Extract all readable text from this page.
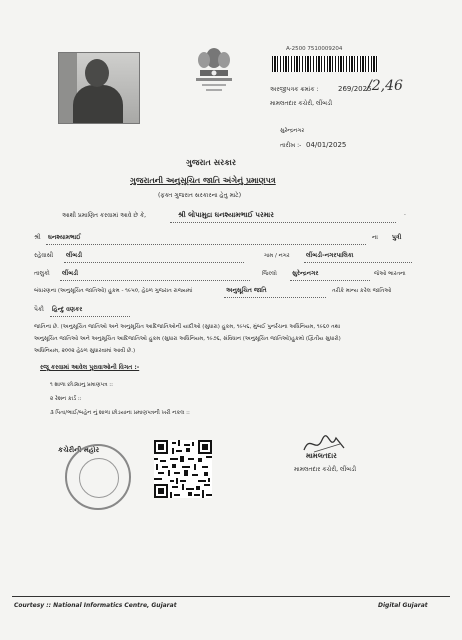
A-2500 7510009204
અરજીપત્રક ક્રમાંક :	269/2025
/2,46
મામલતદાર કચેરી, લીંબડી
સુરેન્દ્રનગર
તારીખ :- 04/01/2025
ગુજરાત સરકાર
ગુજરાતની અનુસૂચિત જાતિ અંગેનું પ્રમાણપત્ર
(ફક્ત ગુજરાત સરકારના હેતુ માટે)
આથી પ્રમાણિત કરવામાં આવે છે કે,	શ્રી લોપામુદ્રા ઘનશ્યામભાઈ પરમાર	.
શ્રી ઘનશ્યામભાઈ	ના પુત્રી
રહેવાસી લીંબડી	ગામ / નગર	લીંબડી-નગરપાલિકા
તાલુકો લીંબડી	જિલ્લો	સુરેન્દ્રનગર	જેઓ ભારતના
બંધારણના (અનુસૂચિત જાતિઓ) હુકમ - ૧૯૫૦, હેઠળ ગુજરાત રાજ્યમાં	અનુસૂચિત જાતિ	તરીકે માન્ય કરેલ જાતિઓ
પૈકી હિન્દુ વણકર
જાતિના છે. (અનુસૂચિત જાતિઓ અને અનુસૂચિત આદિજાતિઓની યાદીઓ (સુધારા) હુકમ, ૧૯૫૬, મુંબઈ પુનર્રચના અધિનિયમ, ૧૯૬૦ તથા
અનુસૂચિત જાતિઓ અને અનુસૂચિત આદિજાતિઓ હુકમ (સુધારા અધિનિયમ, ૧૯૭૬, સંવિધાન (અનુસૂચિત જાતિઓ)હુકમો (દ્વિતીય સુધારો)
અધિનિયમ, ૨૦૦૨ હેઠળ સુધારવામાં આવી છે.)
રજૂ કરવામાં આવેલ પુરાવાઓની વિગત :-
૧ શાળા છોડ્યાનુ પ્રમાણપત્ર ::
૨ રેશન કાર્ડ ::
૩ પિતા/ભાઈ/બહેન નું શાળા છોડયાના પ્રમાણપત્રની ખરી નકલ ::
કચેરીની મહોર
મામલતદાર
મામલતદાર કચેરી, લીંબડી
Courtesy :: National Informatics Centre, Gujarat	Digital Gujarat
